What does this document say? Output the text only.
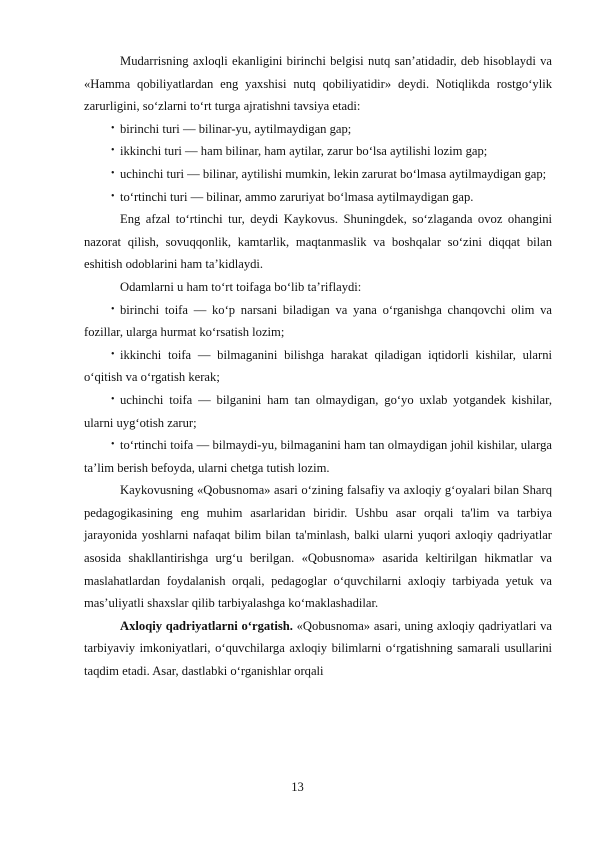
Mudarrisning axloqli ekanligini birinchi belgisi nutq san’atidadir, deb hisoblaydi va «Hamma qobiliyatlardan eng yaxshisi nutq qobiliyatidir» deydi. Notiqlikda rostgo‘ylik zarurligini, so‘zlarni to‘rt turga ajratishni tavsiya etadi:

• birinchi turi — bilinar-yu, aytilmaydigan gap;

• ikkinchi turi — ham bilinar, ham aytilar, zarur bo‘lsa aytilishi lozim gap;

• uchinchi turi — bilinar, aytilishi mumkin, lekin zarurat bo‘lmasa aytilmaydigan gap;

• to‘rtinchi turi — bilinar, ammo zaruriyat bo‘lmasa aytilmaydigan gap.

Eng afzal to‘rtinchi tur, deydi Kaykovus. Shuningdek, so‘zlaganda ovoz ohangini nazorat qilish, sovuqqonlik, kamtarlik, maqtanmaslik va boshqalar so‘zini diqqat bilan eshitish odoblarini ham ta’kidlaydi.

Odamlarni u ham to‘rt toifaga bo‘lib ta’riflaydi:

• birinchi toifa — ko‘p narsani biladigan va yana o‘rganishga chanqovchi olim va fozillar, ularga hurmat ko‘rsatish lozim;

• ikkinchi toifa — bilmaganini bilishga harakat qiladigan iqtidorli kishilar, ularni o‘qitish va o‘rgatish kerak;

• uchinchi toifa — bilganini ham tan olmaydigan, go‘yo uxlab yotgandek kishilar, ularni uyg‘otish zarur;

• to‘rtinchi toifa — bilmaydi-yu, bilmaganini ham tan olmaydigan johil kishilar, ularga ta’lim berish befoyda, ularni chetga tutish lozim.

Kaykovusning «Qobusnoma» asari o‘zining falsafiy va axloqiy g‘oyalari bilan Sharq pedagogikasining eng muhim asarlaridan biridir. Ushbu asar orqali ta'lim va tarbiya jarayonida yoshlarni nafaqat bilim bilan ta'minlash, balki ularni yuqori axloqiy qadriyatlar asosida shakllantirishga urg‘u berilgan. «Qobusnoma» asarida keltirilgan hikmatlar va maslahatlardan foydalanish orqali, pedagoglar o‘quvchilarni axloqiy tarbiyada yetuk va mas’uliyatli shaxslar qilib tarbiyalashga ko‘maklashadilar.

Axloqiy qadriyatlarni o‘rgatish. «Qobusnoma» asari, uning axloqiy qadriyatlari va tarbiyaviy imkoniyatlari, o‘quvchilarga axloqiy bilimlarni o‘rgatishning samarali usullarini taqdim etadi. Asar, dastlabki o‘rganishlar orqali

13
